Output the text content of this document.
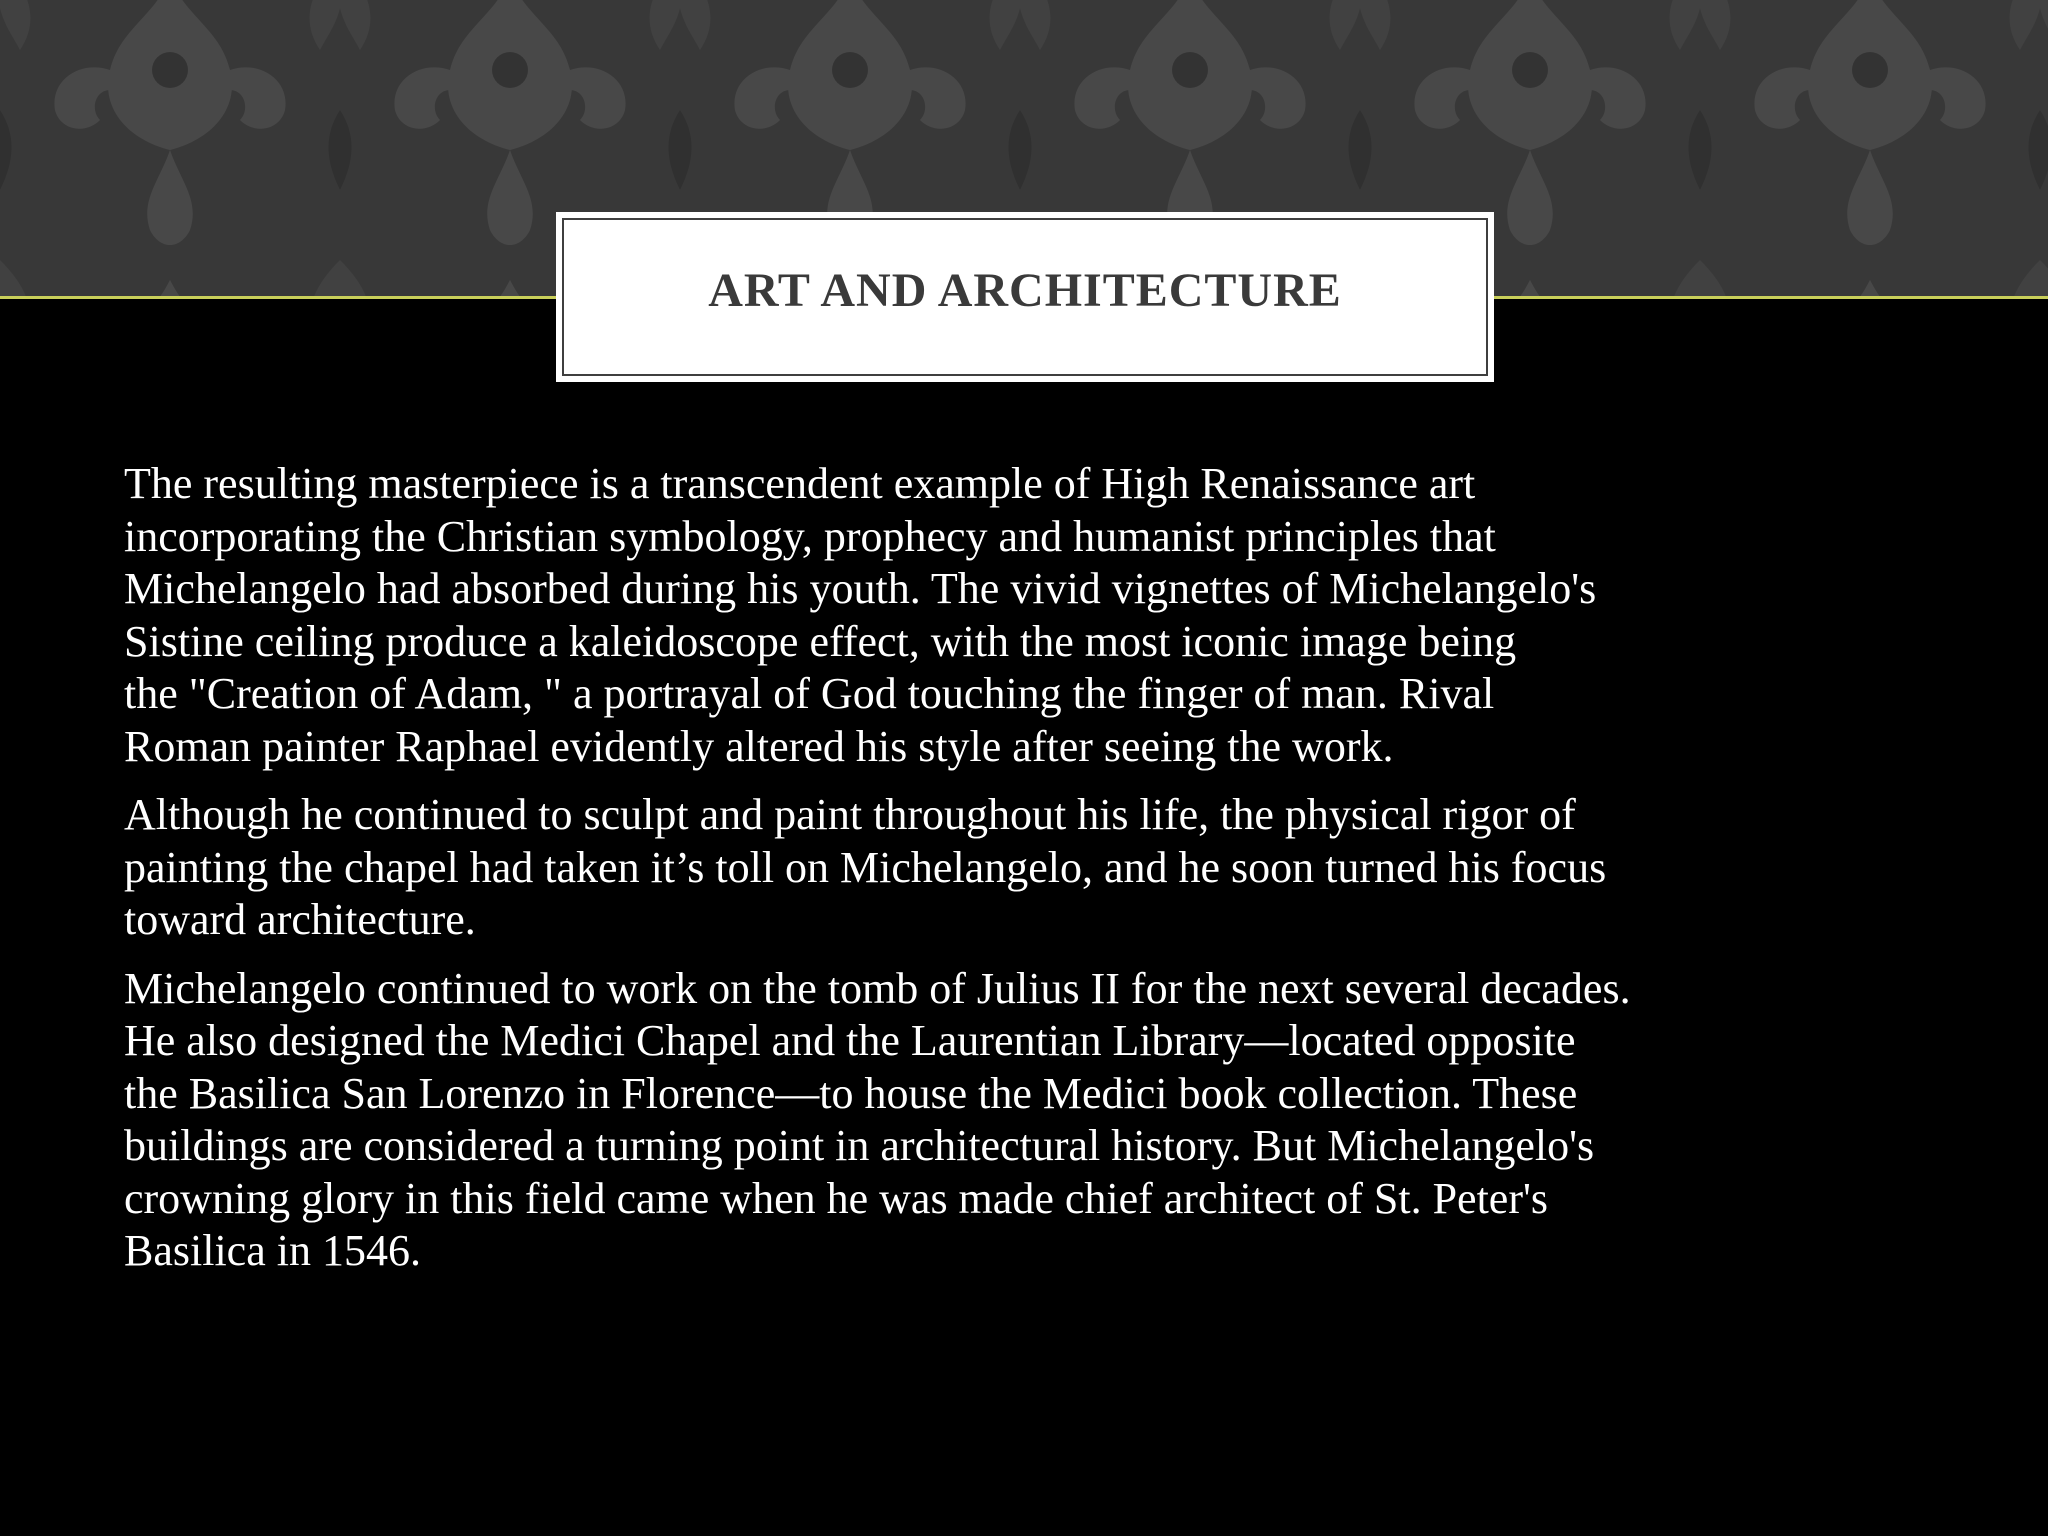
ART AND ARCHITECTURE

The resulting masterpiece is a transcendent example of High Renaissance art
incorporating the Christian symbology, prophecy and humanist principles that
Michelangelo had absorbed during his youth. The vivid vignettes of Michelangelo's
Sistine ceiling produce a kaleidoscope effect, with the most iconic image being
the "Creation of Adam, " a portrayal of God touching the finger of man. Rival
Roman painter Raphael evidently altered his style after seeing the work.

Although he continued to sculpt and paint throughout his life, the physical rigor of
painting the chapel had taken it’s toll on Michelangelo, and he soon turned his focus
toward architecture.

Michelangelo continued to work on the tomb of Julius II for the next several decades.
He also designed the Medici Chapel and the Laurentian Library—located opposite
the Basilica San Lorenzo in Florence—to house the Medici book collection. These
buildings are considered a turning point in architectural history. But Michelangelo's
crowning glory in this field came when he was made chief architect of St. Peter's
Basilica in 1546.
